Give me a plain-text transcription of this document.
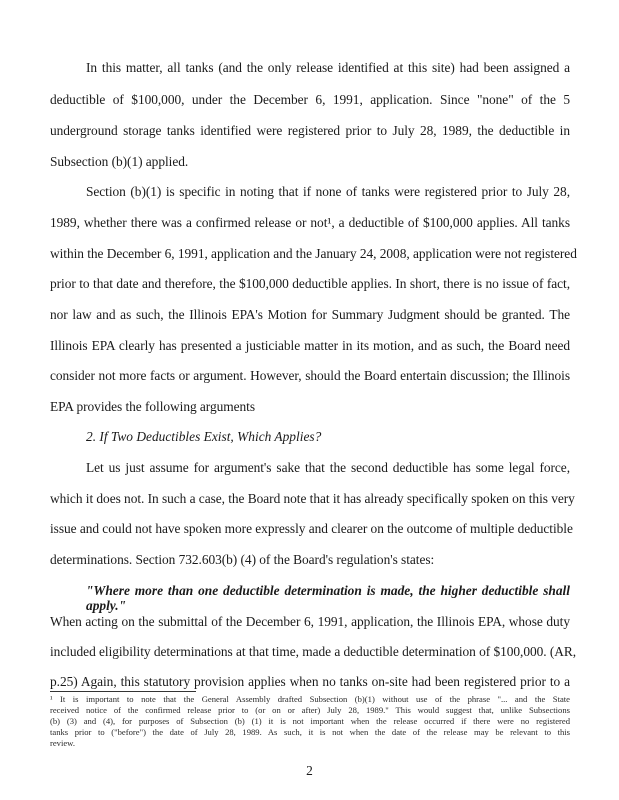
In this matter, all tanks (and the only release identified at this site) had been assigned a
deductible of $100,000, under the December 6, 1991, application. Since "none" of the 5
underground storage tanks identified were registered prior to July 28, 1989, the deductible in
Subsection (b)(1) applied.
Section (b)(1) is specific in noting that if none of tanks were registered prior to July 28,
1989, whether there was a confirmed release or not¹, a deductible of $100,000 applies. All tanks
within the December 6, 1991, application and the January 24, 2008, application were not registered
prior to that date and therefore, the $100,000 deductible applies. In short, there is no issue of fact,
nor law and as such, the Illinois EPA's Motion for Summary Judgment should be granted. The
Illinois EPA clearly has presented a justiciable matter in its motion, and as such, the Board need
consider not more facts or argument. However, should the Board entertain discussion; the Illinois
EPA provides the following arguments
2. If Two Deductibles Exist, Which Applies?
Let us just assume for argument's sake that the second deductible has some legal force,
which it does not. In such a case, the Board note that it has already specifically spoken on this very
issue and could not have spoken more expressly and clearer on the outcome of multiple deductible
determinations. Section 732.603(b) (4) of the Board's regulation's states:
"Where more than one deductible determination is made, the higher deductible shall
apply."
When acting on the submittal of the December 6, 1991, application, the Illinois EPA, whose duty
included eligibility determinations at that time, made a deductible determination of $100,000. (AR,
p.25) Again, this statutory provision applies when no tanks on-site had been registered prior to a
¹ It is important to note that the General Assembly drafted Subsection (b)(1) without use of the phrase "... and the State
received notice of the confirmed release prior to (or on or after) July 28, 1989." This would suggest that, unlike Subsections
(b) (3) and (4), for purposes of Subsection (b) (1) it is not important when the release occurred if there were no registered
tanks prior to ("before") the date of July 28, 1989. As such, it is not when the date of the release may be relevant to this
review.
2
